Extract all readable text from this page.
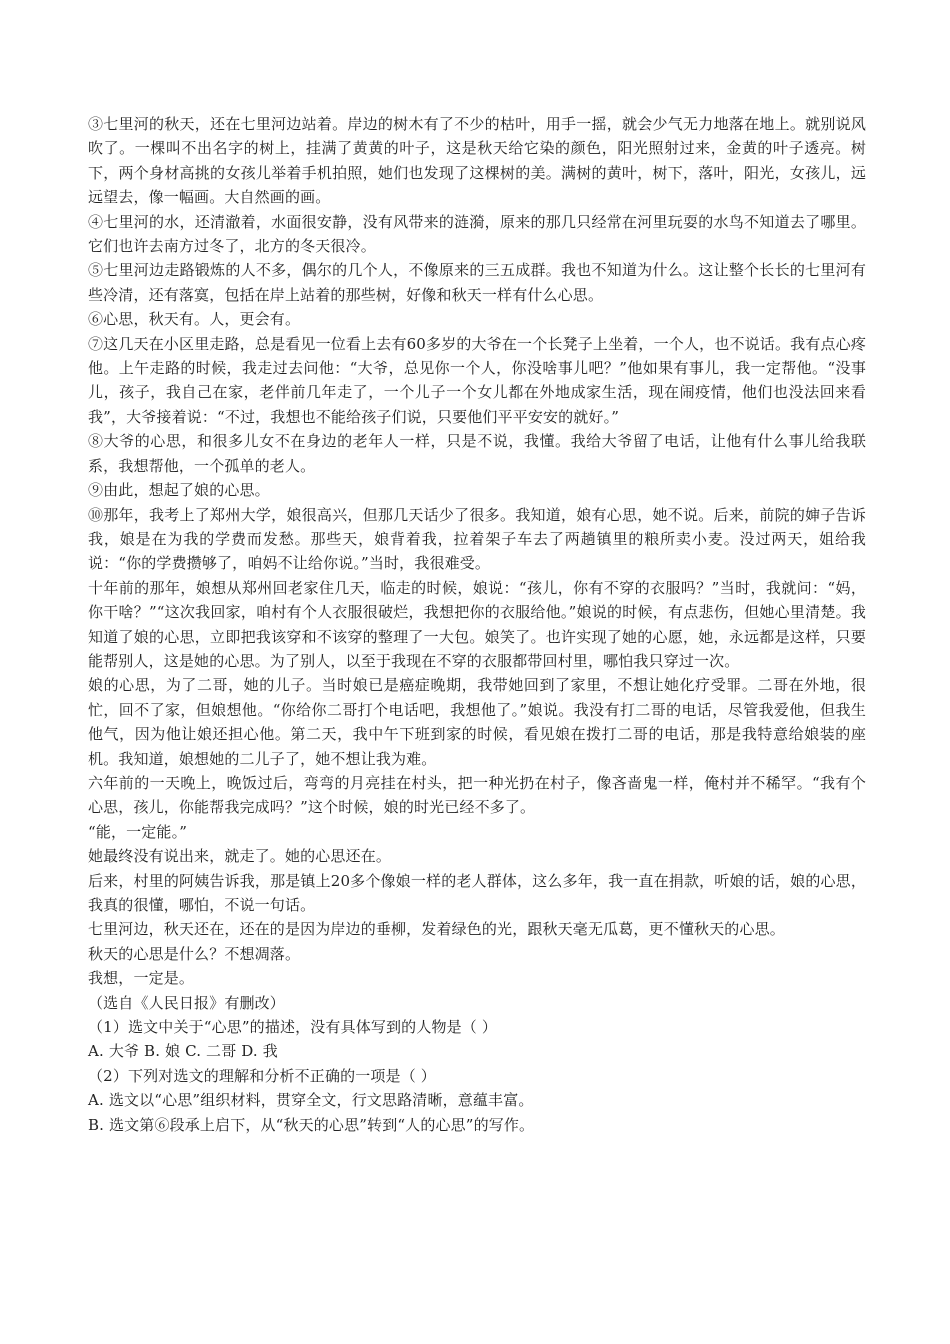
③七里河的秋天，还在七里河边站着。岸边的树木有了不少的枯叶，用手一摇，就会少气无力地落在地上。就别说风吹了。一棵叫不出名字的树上，挂满了黄黄的叶子，这是秋天给它染的颜色，阳光照射过来，金黄的叶子透亮。树下，两个身材高挑的女孩儿举着手机拍照，她们也发现了这棵树的美。满树的黄叶，树下，落叶，阳光，女孩儿，远远望去，像一幅画。大自然画的画。

④七里河的水，还清澈着，水面很安静，没有风带来的涟漪，原来的那几只经常在河里玩耍的水鸟不知道去了哪里。它们也许去南方过冬了，北方的冬天很冷。

⑤七里河边走路锻炼的人不多，偶尔的几个人，不像原来的三五成群。我也不知道为什么。这让整个长长的七里河有些冷清，还有落寞，包括在岸上站着的那些树，好像和秋天一样有什么心思。

⑥心思，秋天有。人，更会有。

⑦这几天在小区里走路，总是看见一位看上去有60多岁的大爷在一个长凳子上坐着，一个人，也不说话。我有点心疼他。上午走路的时候，我走过去问他：“大爷，总见你一个人，你没啥事儿吧？”他如果有事儿，我一定帮他。“没事儿，孩子，我自己在家，老伴前几年走了，一个儿子一个女儿都在外地成家生活，现在闹疫情，他们也没法回来看我”，大爷接着说：“不过，我想也不能给孩子们说，只要他们平平安安的就好。”

⑧大爷的心思，和很多儿女不在身边的老年人一样，只是不说，我懂。我给大爷留了电话，让他有什么事儿给我联系，我想帮他，一个孤单的老人。

⑨由此，想起了娘的心思。

⑩那年，我考上了郑州大学，娘很高兴，但那几天话少了很多。我知道，娘有心思，她不说。后来，前院的婶子告诉我，娘是在为我的学费而发愁。那些天，娘背着我，拉着架子车去了两趟镇里的粮所卖小麦。没过两天，姐给我说：“你的学费攒够了，咱妈不让给你说。”当时，我很难受。

十年前的那年，娘想从郑州回老家住几天，临走的时候，娘说：“孩儿，你有不穿的衣服吗？”当时，我就问：“妈，你干啥？”“这次我回家，咱村有个人衣服很破烂，我想把你的衣服给他。”娘说的时候，有点悲伤，但她心里清楚。我知道了娘的心思，立即把我该穿和不该穿的整理了一大包。娘笑了。也许实现了她的心愿，她，永远都是这样，只要能帮别人，这是她的心思。为了别人，以至于我现在不穿的衣服都带回村里，哪怕我只穿过一次。

娘的心思，为了二哥，她的儿子。当时娘已是癌症晚期，我带她回到了家里，不想让她化疗受罪。二哥在外地，很忙，回不了家，但娘想他。“你给你二哥打个电话吧，我想他了。”娘说。我没有打二哥的电话，尽管我爱他，但我生他气，因为他让娘还担心他。第二天，我中午下班到家的时候，看见娘在拨打二哥的电话，那是我特意给娘装的座机。我知道，娘想她的二儿子了，她不想让我为难。

六年前的一天晚上，晚饭过后，弯弯的月亮挂在村头，把一种光扔在村子，像吝啬鬼一样，俺村并不稀罕。“我有个心思，孩儿，你能帮我完成吗？”这个时候，娘的时光已经不多了。

“能，一定能。”

她最终没有说出来，就走了。她的心思还在。

后来，村里的阿姨告诉我，那是镇上20多个像娘一样的老人群体，这么多年，我一直在捐款，听娘的话，娘的心思，我真的很懂，哪怕，不说一句话。

七里河边，秋天还在，还在的是因为岸边的垂柳，发着绿色的光，跟秋天毫无瓜葛，更不懂秋天的心思。

秋天的心思是什么？不想凋落。

我想，一定是。

（选自《人民日报》有删改）

（1）选文中关于“心思”的描述，没有具体写到的人物是（ ）

A. 大爷 B. 娘 C. 二哥 D. 我

（2）下列对选文的理解和分析不正确的一项是（ ）

A. 选文以“心思”组织材料，贯穿全文，行文思路清晰，意蕴丰富。

B. 选文第⑥段承上启下，从“秋天的心思”转到“人的心思”的写作。
